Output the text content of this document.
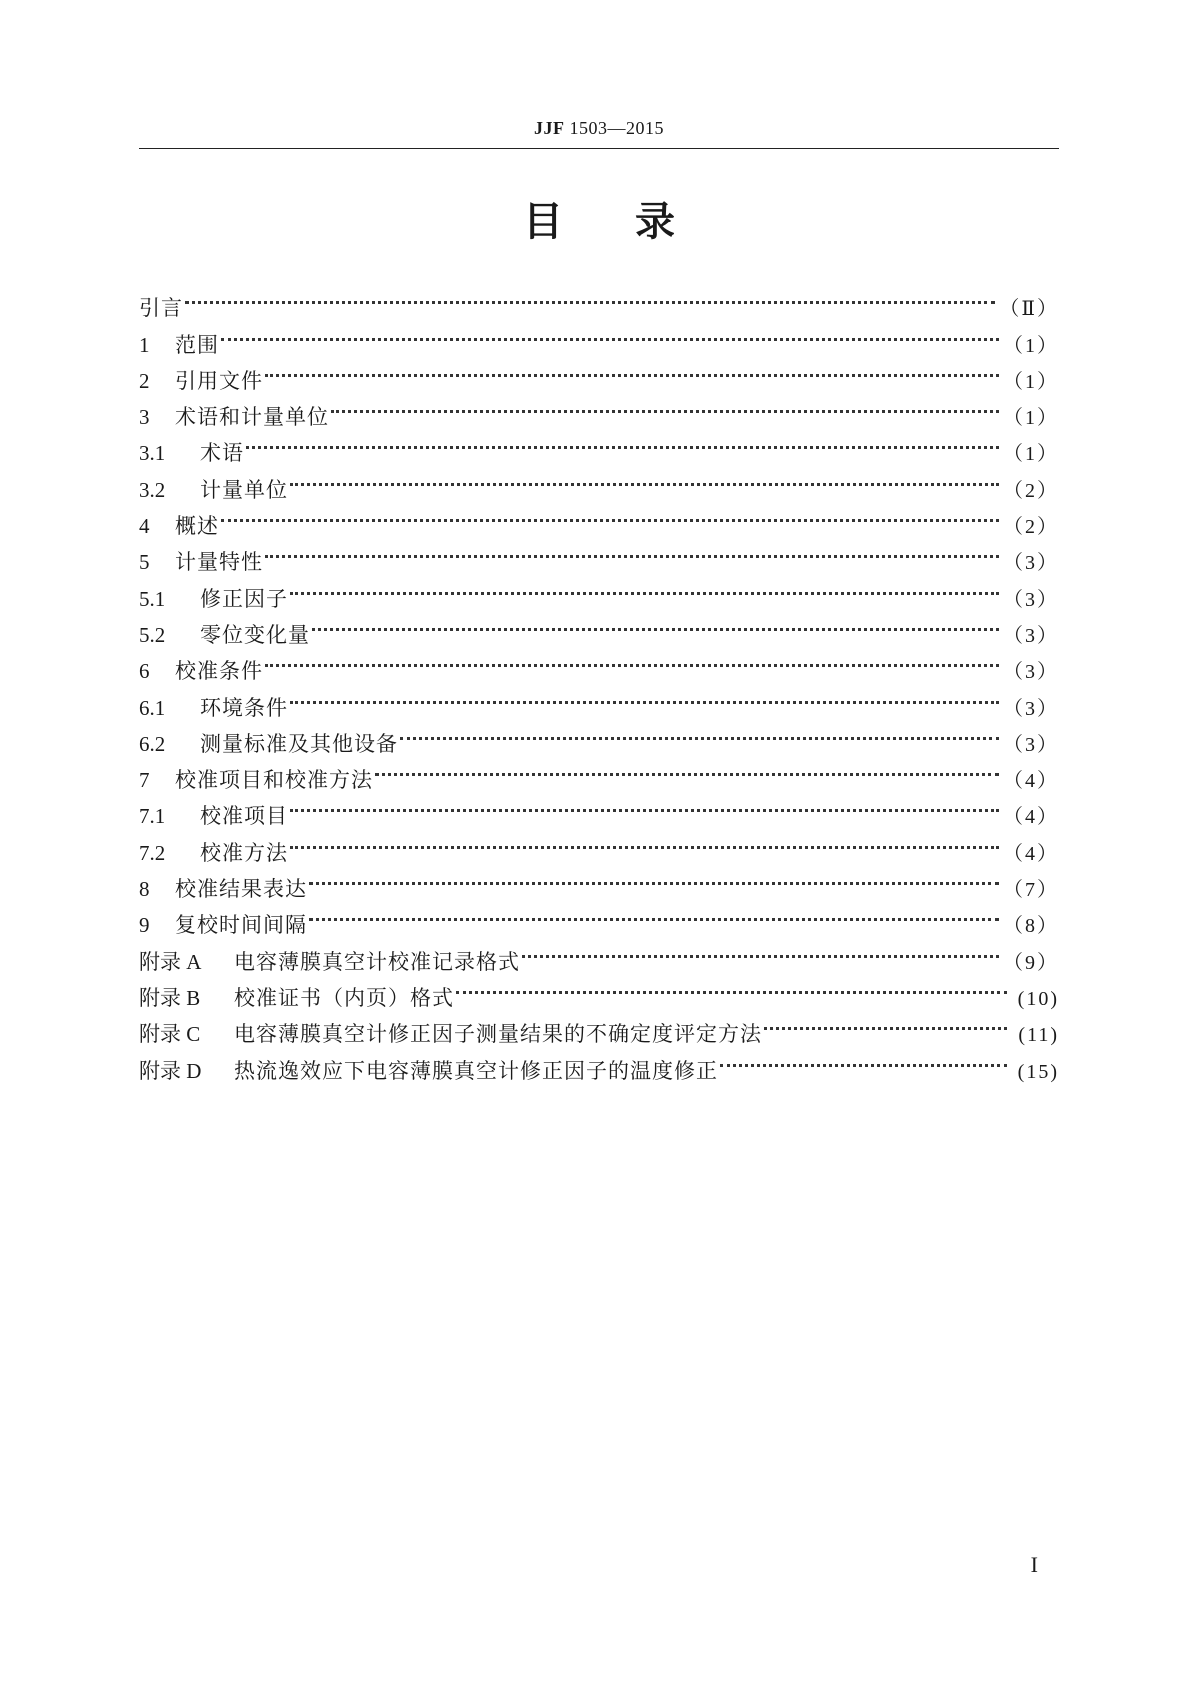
JJF 1503—2015
目录
引言	（Ⅱ）
1	范围	（1）
2	引用文件	（1）
3	术语和计量单位	（1）
3.1	术语	（1）
3.2	计量单位	（2）
4	概述	（2）
5	计量特性	（3）
5.1	修正因子	（3）
5.2	零位变化量	（3）
6	校准条件	（3）
6.1	环境条件	（3）
6.2	测量标准及其他设备	（3）
7	校准项目和校准方法	（4）
7.1	校准项目	（4）
7.2	校准方法	（4）
8	校准结果表达	（7）
9	复校时间间隔	（8）
附录 A	电容薄膜真空计校准记录格式	（9）
附录 B	校准证书（内页）格式	(10)
附录 C	电容薄膜真空计修正因子测量结果的不确定度评定方法	(11)
附录 D	热流逸效应下电容薄膜真空计修正因子的温度修正	(15)
I
